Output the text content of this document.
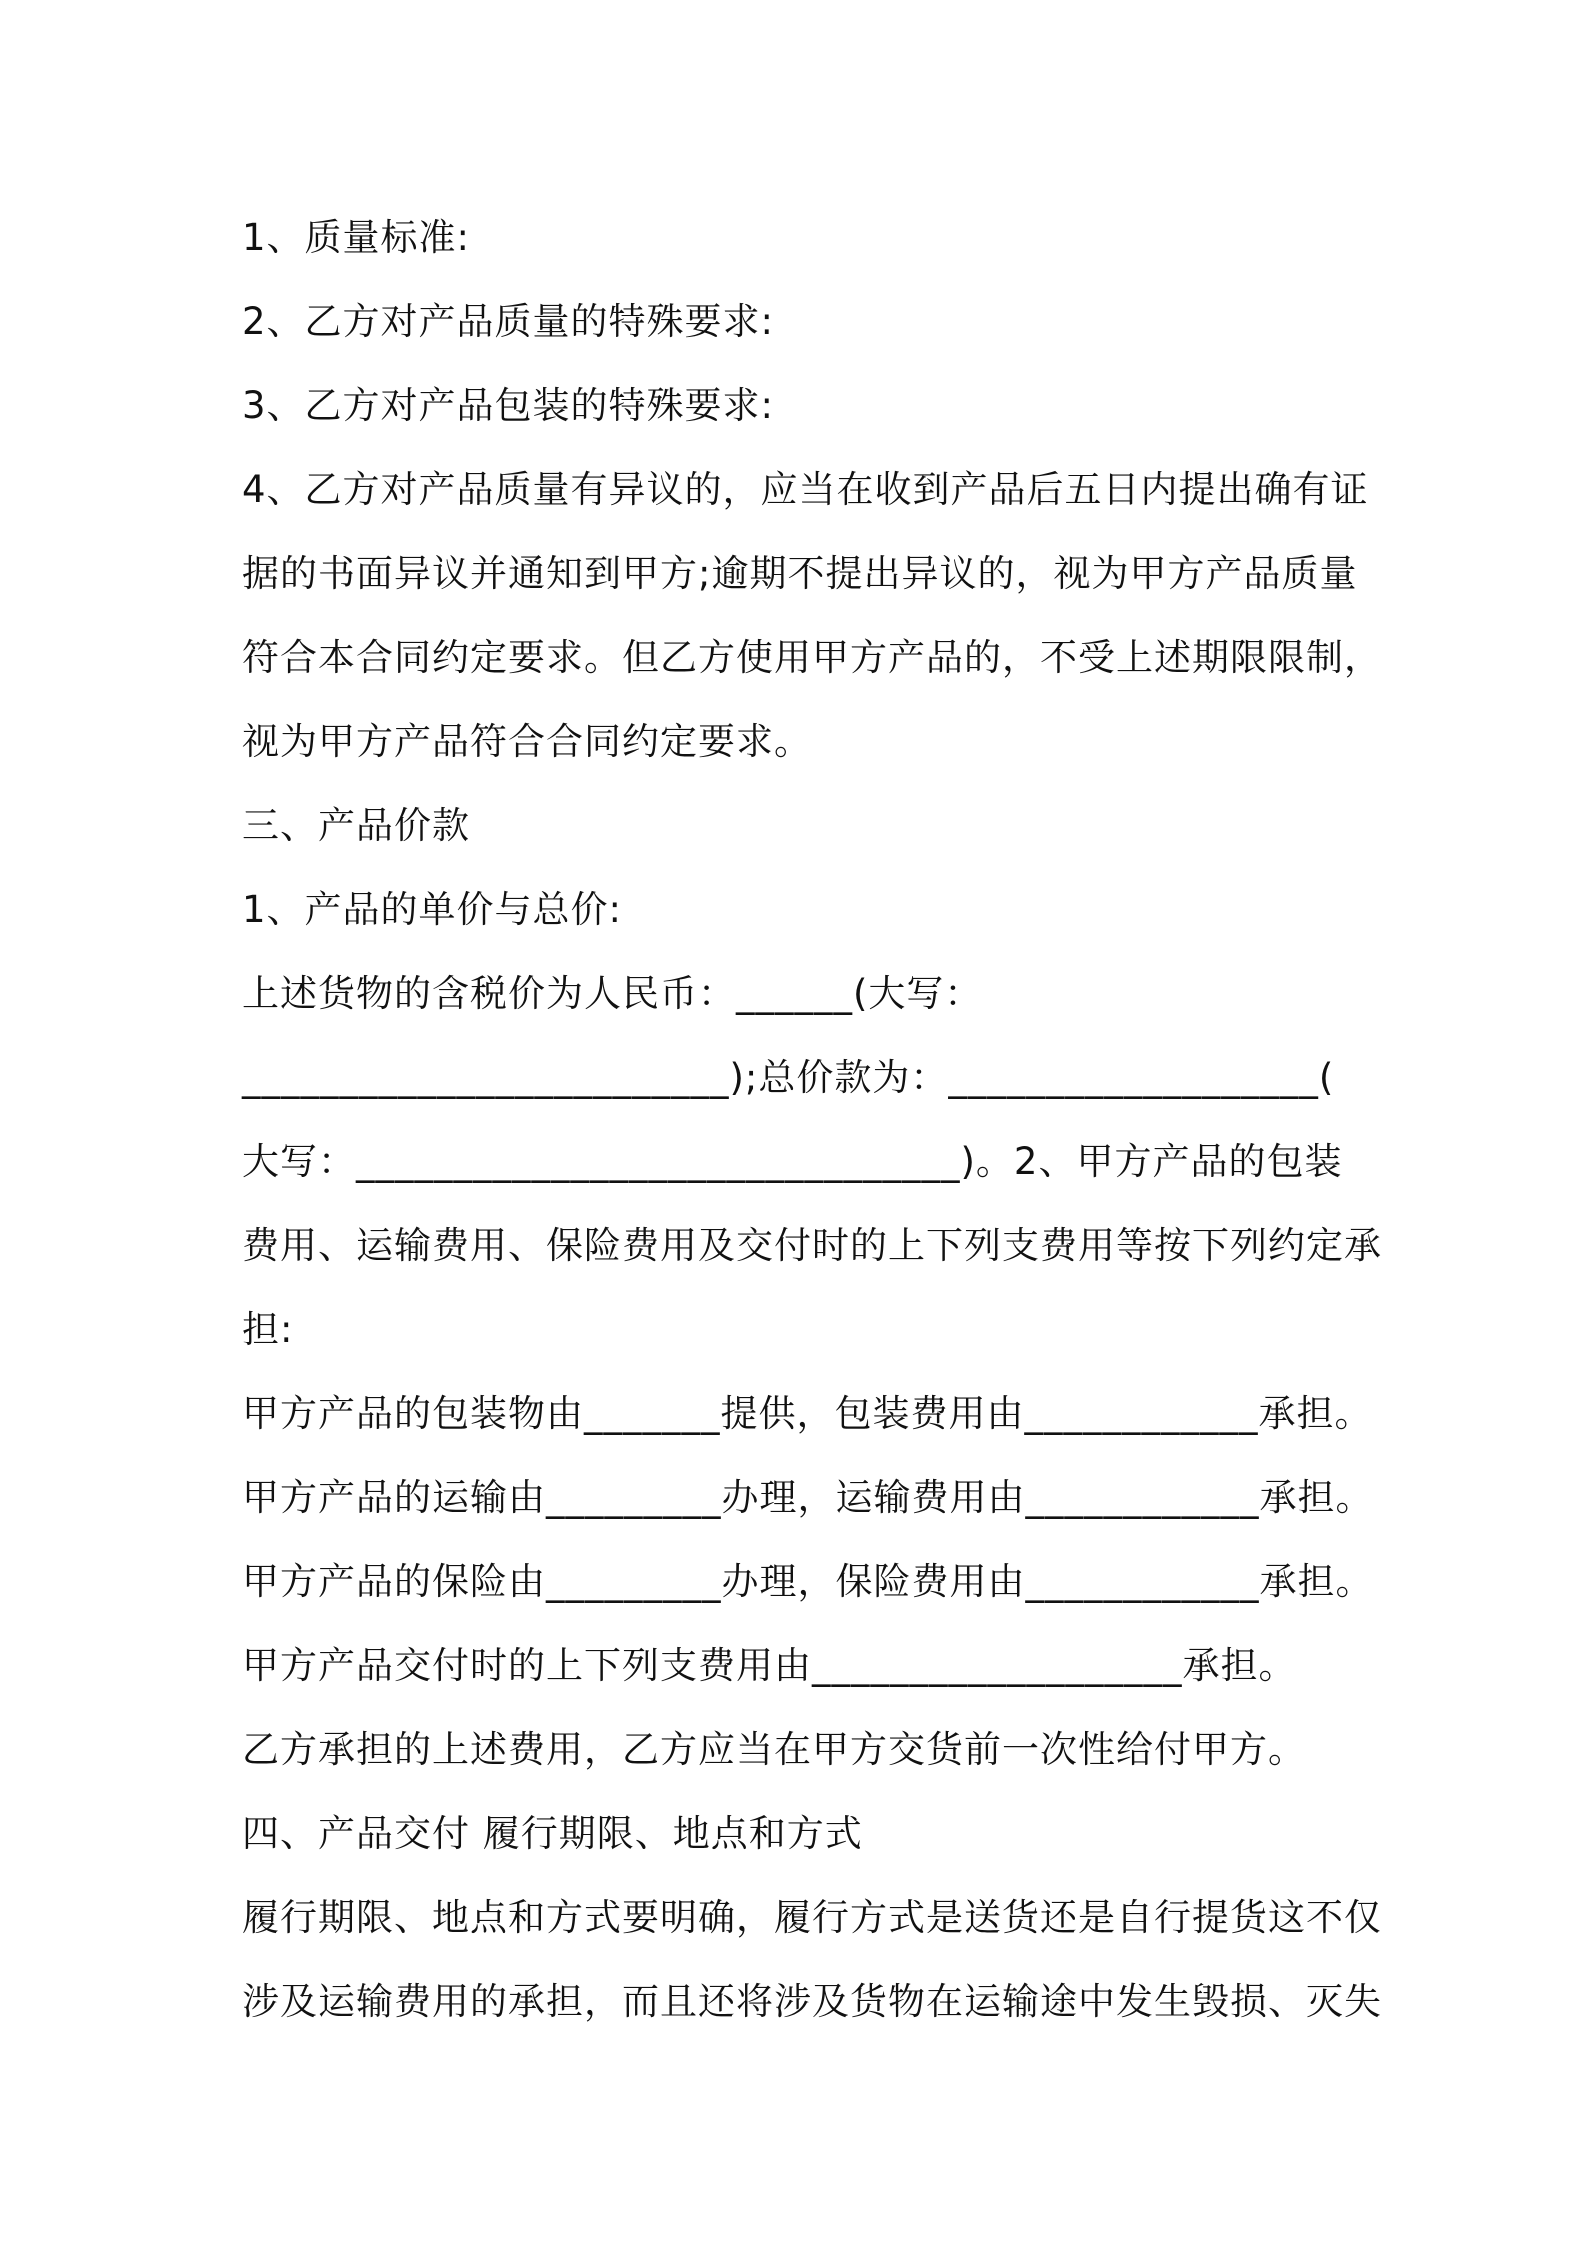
1、质量标准:
2、乙方对产品质量的特殊要求:
3、乙方对产品包装的特殊要求:
4、乙方对产品质量有异议的，应当在收到产品后五日内提出确有证
据的书面异议并通知到甲方;逾期不提出异议的，视为甲方产品质量
符合本合同约定要求。但乙方使用甲方产品的，不受上述期限限制，
视为甲方产品符合合同约定要求。
三、产品价款
1、产品的单价与总价:
上述货物的含税价为人民币：______(大写：
_________________________);总价款为：___________________(
大写：_______________________________)。2、甲方产品的包装
费用、运输费用、保险费用及交付时的上下列支费用等按下列约定承
担:
甲方产品的包装物由_______提供，包装费用由____________承担。
甲方产品的运输由_________办理，运输费用由____________承担。
甲方产品的保险由_________办理，保险费用由____________承担。
甲方产品交付时的上下列支费用由___________________承担。
乙方承担的上述费用，乙方应当在甲方交货前一次性给付甲方。
四、产品交付 履行期限、地点和方式
履行期限、地点和方式要明确，履行方式是送货还是自行提货这不仅
涉及运输费用的承担，而且还将涉及货物在运输途中发生毁损、灭失
